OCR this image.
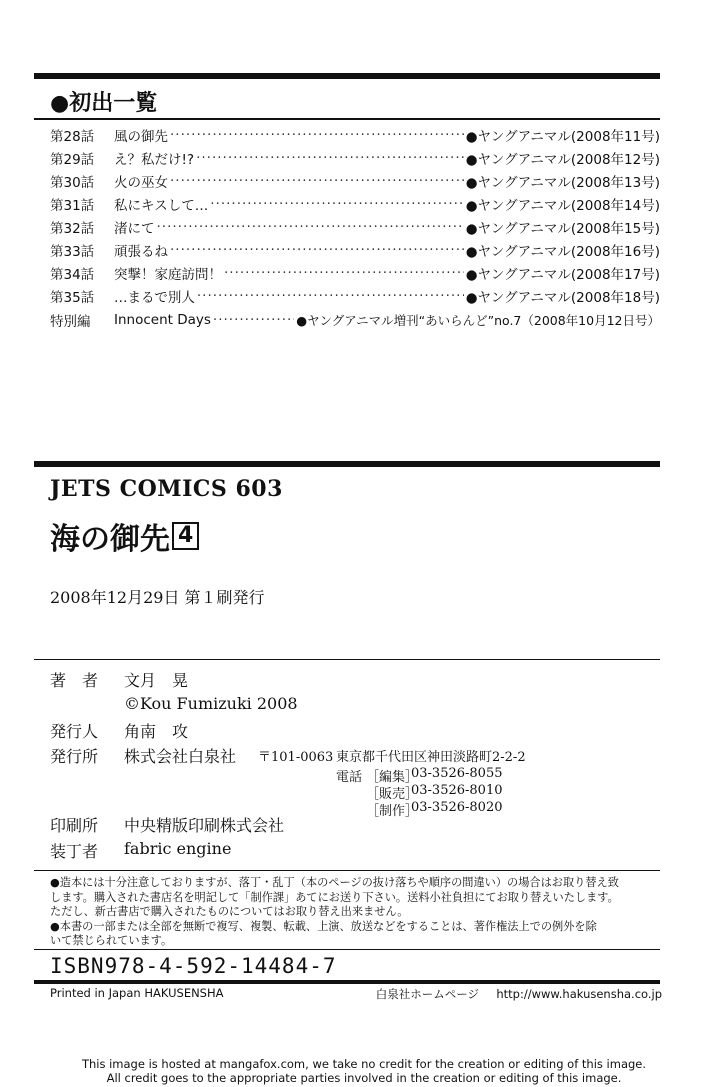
●初出一覧
第28話	風の御先 ·····	●ヤングアニマル(2008年11号)
第29話	え？私だけ!? ·····	●ヤングアニマル(2008年12号)
第30話	火の巫女 ·····	●ヤングアニマル(2008年13号)
第31話	私にキスして… ·····	●ヤングアニマル(2008年14号)
第32話	渚にて ·····	●ヤングアニマル(2008年15号)
第33話	頑張るね ·····	●ヤングアニマル(2008年16号)
第34話	突撃！家庭訪問！ ·····	●ヤングアニマル(2008年17号)
第35話	…まるで別人 ·····	●ヤングアニマル(2008年18号)
特別編	Innocent Days ·····	●ヤングアニマル増刊“あいらんど”no.7（2008年10月12日号）
JETS COMICS 603
海の御先 4
2008年12月29日 第１刷発行
著　者	文月　晃
©Kou Fumizuki 2008
発行人	角南　攻
発行所	株式会社白泉社 〒101-0063 東京都千代田区神田淡路町2-2-2
電話 ［編集］
03-3526-8055
［販売］
03-3526-8010
［制作］
03-3526-8020
印刷所	中央精版印刷株式会社
装丁者	fabric engine

●造本には十分注意しておりますが、落丁・乱丁（本のページの抜け落ちや順序の間違い）の場合はお取り替え致

します。購入された書店名を明記して「制作課」あてにお送り下さい。送料小社負担にてお取り替えいたします。

ただし、新古書店で購入されたものについてはお取り替え出来ません。

●本書の一部または全部を無断で複写、複製、転載、上演、放送などをすることは、著作権法上での例外を除

いて禁じられています。

ISBN978-4-592-14484-7
Printed in Japan HAKUSENSHA	白泉社ホームページ http://www.hakusensha.co.jp
This image is hosted at mangafox.com, we take no credit for the creation or editing of this image.
All credit goes to the appropriate parties involved in the creation or editing of this image.
